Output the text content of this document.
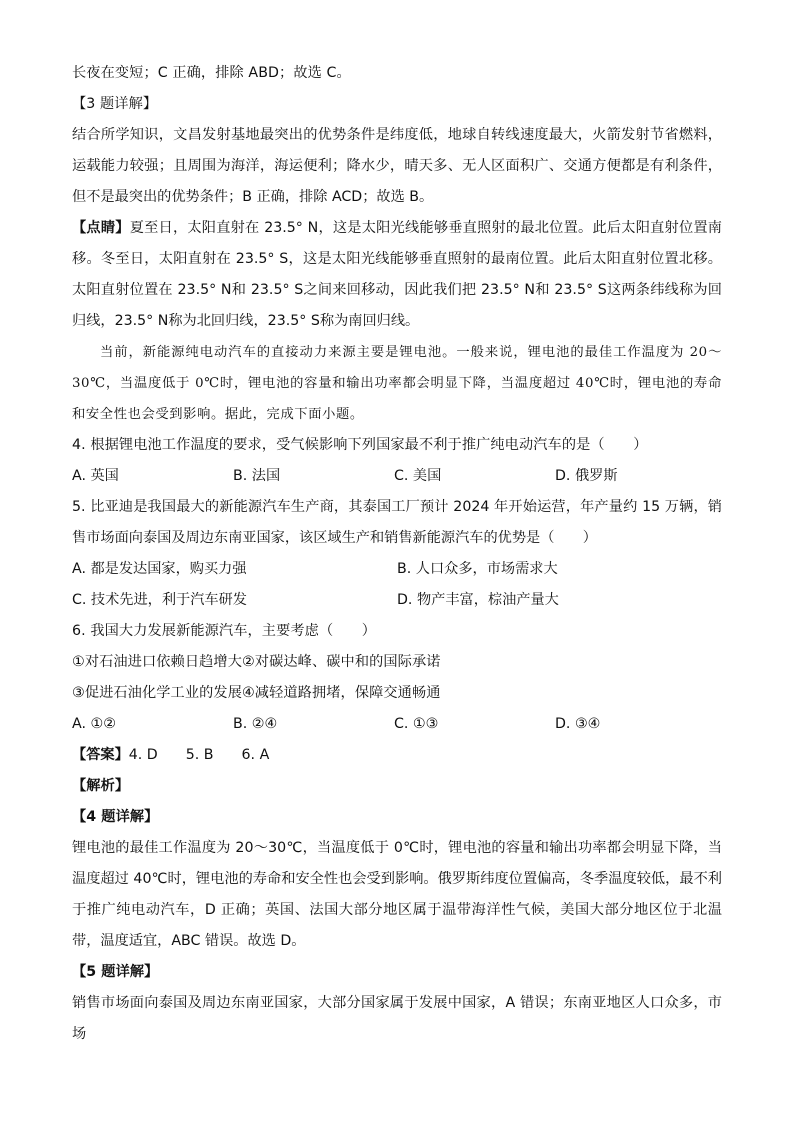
长夜在变短；C 正确，排除 ABD；故选 C。
【3 题详解】

结合所学知识，文昌发射基地最突出的优势条件是纬度低，地球自转线速度最大，火箭发射节省燃料，运载能力较强；且周围为海洋，海运便利；降水少，晴天多、无人区面积广、交通方便都是有利条件，但不是最突出的优势条件；B 正确，排除 ACD；故选 B。

【点睛】夏至日，太阳直射在 23.5° N，这是太阳光线能够垂直照射的最北位置。此后太阳直射位置南移。冬至日，太阳直射在 23.5° S，这是太阳光线能够垂直照射的最南位置。此后太阳直射位置北移。太阳直射位置在 23.5° N和 23.5° S之间来回移动，因此我们把 23.5° N和 23.5° S这两条纬线称为回归线，23.5° N称为北回归线，23.5° S称为南回归线。

当前，新能源纯电动汽车的直接动力来源主要是锂电池。一般来说，锂电池的最佳工作温度为 20～30℃，当温度低于 0℃时，锂电池的容量和输出功率都会明显下降，当温度超过 40℃时，锂电池的寿命和安全性也会受到影响。据此，完成下面小题。

4. 根据锂电池工作温度的要求，受气候影响下列国家最不利于推广纯电动汽车的是（　　）
A. 英国	B. 法国	C. 美国	D. 俄罗斯

5. 比亚迪是我国最大的新能源汽车生产商，其泰国工厂预计 2024 年开始运营，年产量约 15 万辆，销售市场面向泰国及周边东南亚国家，该区域生产和销售新能源汽车的优势是（　　）

A. 都是发达国家，购买力强	B. 人口众多，市场需求大
C. 技术先进，利于汽车研发	D. 物产丰富，棕油产量大
6. 我国大力发展新能源汽车，主要考虑（　　）
①对石油进口依赖日趋增大②对碳达峰、碳中和的国际承诺
③促进石油化学工业的发展④减轻道路拥堵，保障交通畅通
A. ①②	B. ②④	C. ①③	D. ③④
【答案】 4. D 5. B 6. A
【解析】
【4 题详解】

锂电池的最佳工作温度为 20～30℃，当温度低于 0℃时，锂电池的容量和输出功率都会明显下降，当温度超过 40℃时，锂电池的寿命和安全性也会受到影响。俄罗斯纬度位置偏高，冬季温度较低，最不利于推广纯电动汽车，D 正确；英国、法国大部分地区属于温带海洋性气候，美国大部分地区位于北温带，温度适宜，ABC 错误。故选 D。

【5 题详解】

销售市场面向泰国及周边东南亚国家，大部分国家属于发展中国家，A 错误；东南亚地区人口众多，市场
